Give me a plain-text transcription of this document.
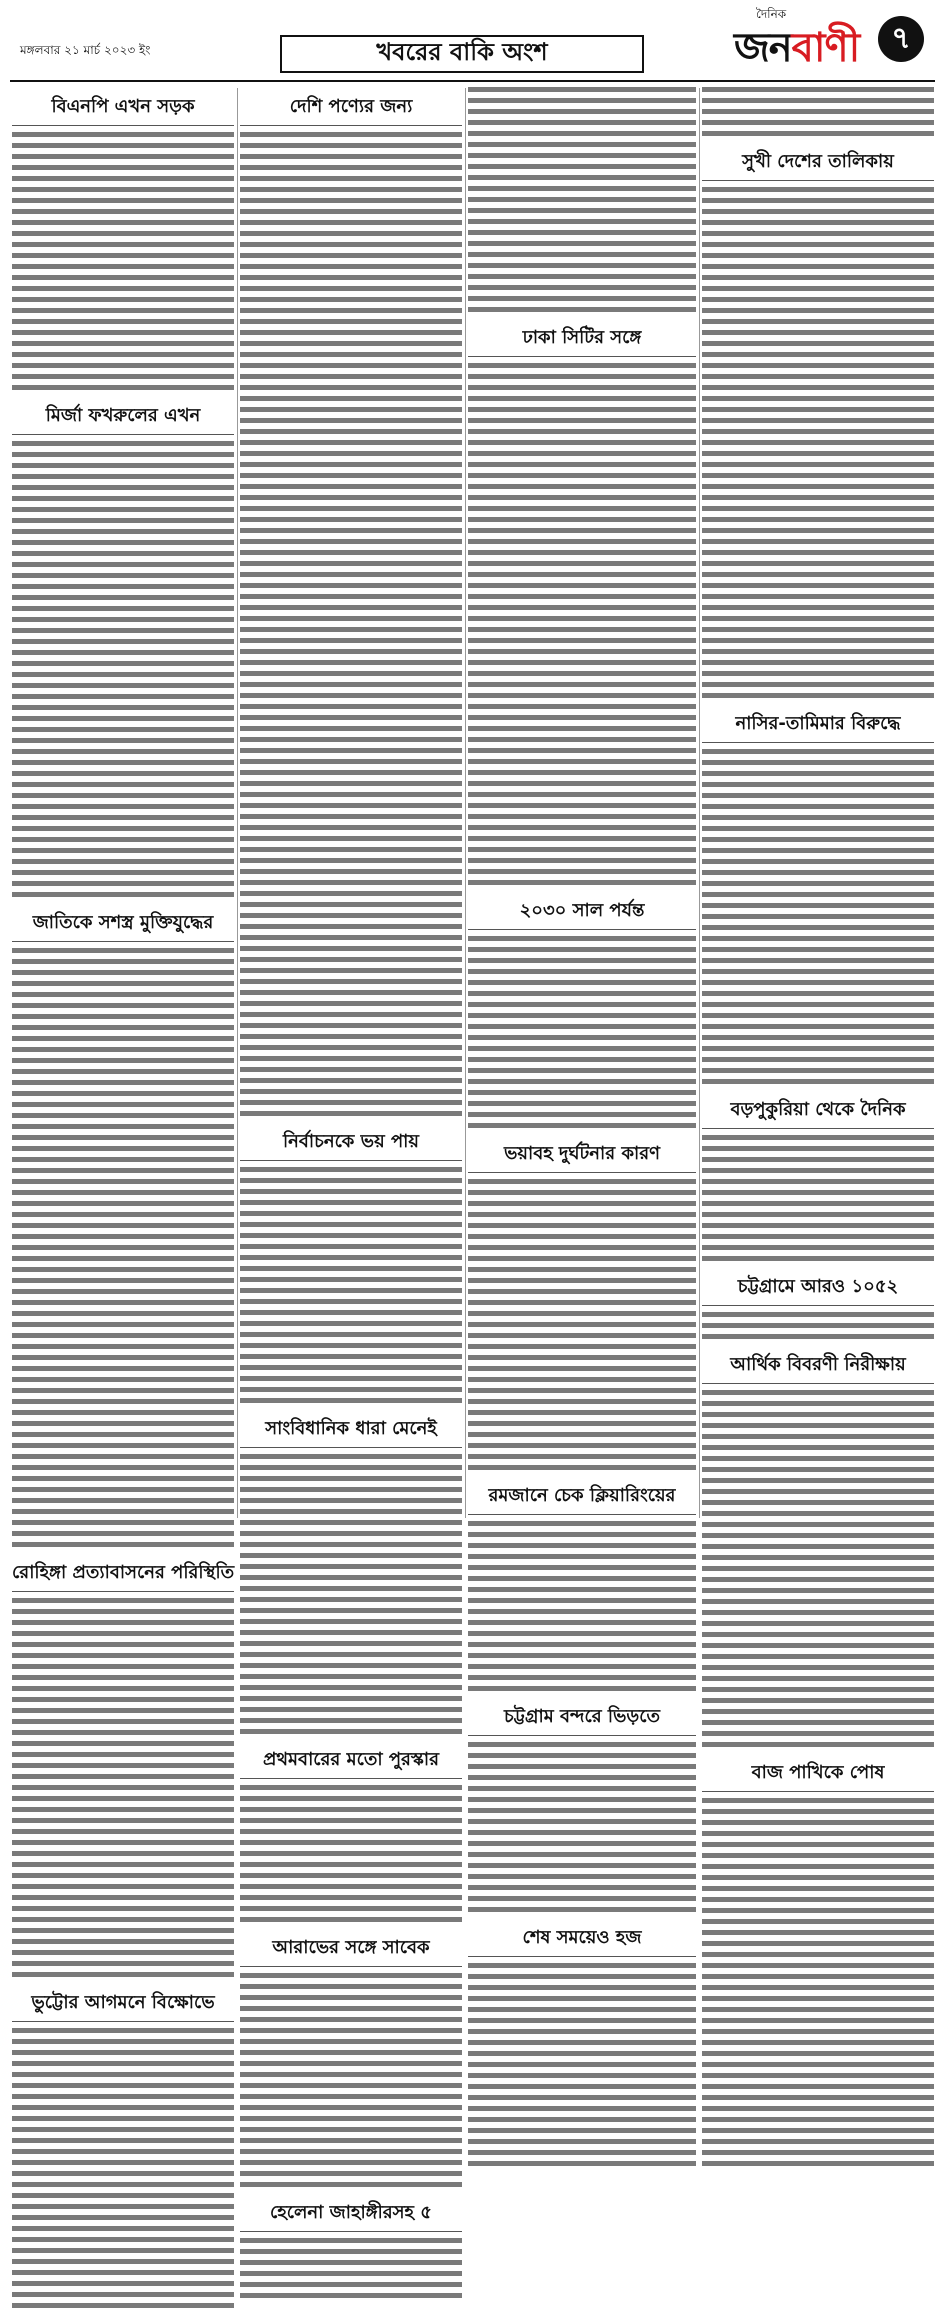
মঙ্গলবার ২১ মার্চ ২০২৩ ইং	খবরের বাকি অংশ
দৈনিক
জনবাণী	৭
বিএনপি এখন সড়ক
মির্জা ফখরুলের এখন
জাতিকে সশস্ত্র মুক্তিযুদ্ধের
রোহিঙ্গা প্রত্যাবাসনের পরিস্থিতি
ভুট্টোর আগমনে বিক্ষোভে
দেশি পণ্যের জন্য
নির্বাচনকে ভয় পায়
সাংবিধানিক ধারা মেনেই
প্রথমবারের মতো পুরস্কার
আরাভের সঙ্গে সাবেক
হেলেনা জাহাঙ্গীরসহ ৫
ঢাকা সিটির সঙ্গে
২০৩০ সাল পর্যন্ত
ভয়াবহ দুর্ঘটনার কারণ
রমজানে চেক ক্লিয়ারিংয়ের
চট্টগ্রাম বন্দরে ভিড়তে
শেষ সময়েও হজ
সুখী দেশের তালিকায়
নাসির-তামিমার বিরুদ্ধে
বড়পুকুরিয়া থেকে দৈনিক
চট্টগ্রামে আরও ১০৫২
আর্থিক বিবরণী নিরীক্ষায়
বাজ পাখিকে পোষ
